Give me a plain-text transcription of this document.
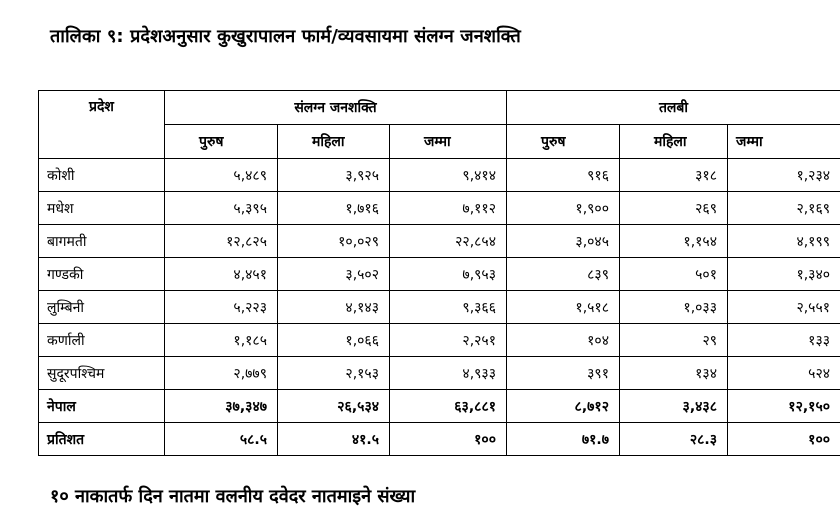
तालिका ९: प्रदेशअनुसार कुखुरापालन फार्म/व्यवसायमा संलग्न जनशक्ति
प्रदेश	संलग्न जनशक्ति			तलबी		
	पुरुष	महिला	जम्मा	पुरुष	महिला	जम्मा
कोशी	५,४८९	३,९२५	९,४१४	९१६	३१८	१,२३४
मधेश	५,३९५	१,७१६	७,११२	१,९००	२६९	२,१६९
बागमती	१२,८२५	१०,०२९	२२,८५४	३,०४५	१,१५४	४,१९९
गण्डकी	४,४५१	३,५०२	७,९५३	८३९	५०१	१,३४०
लुम्बिनी	५,२२३	४,१४३	९,३६६	१,५१८	१,०३३	२,५५१
कर्णाली	१,१८५	१,०६६	२,२५१	१०४	२९	१३३
सुदूरपश्चिम	२,७७९	२,१५३	४,९३३	३९१	१३४	५२४
नेपाल	३७,३४७	२६,५३४	६३,८८१	८,७१२	३,४३८	१२,१५०
प्रतिशत	५८.५	४१.५	१००	७१.७	२८.३	१००
१० नाकातर्फ दिन नातमा वलनीय दवेदर नातमाइने संख्या
